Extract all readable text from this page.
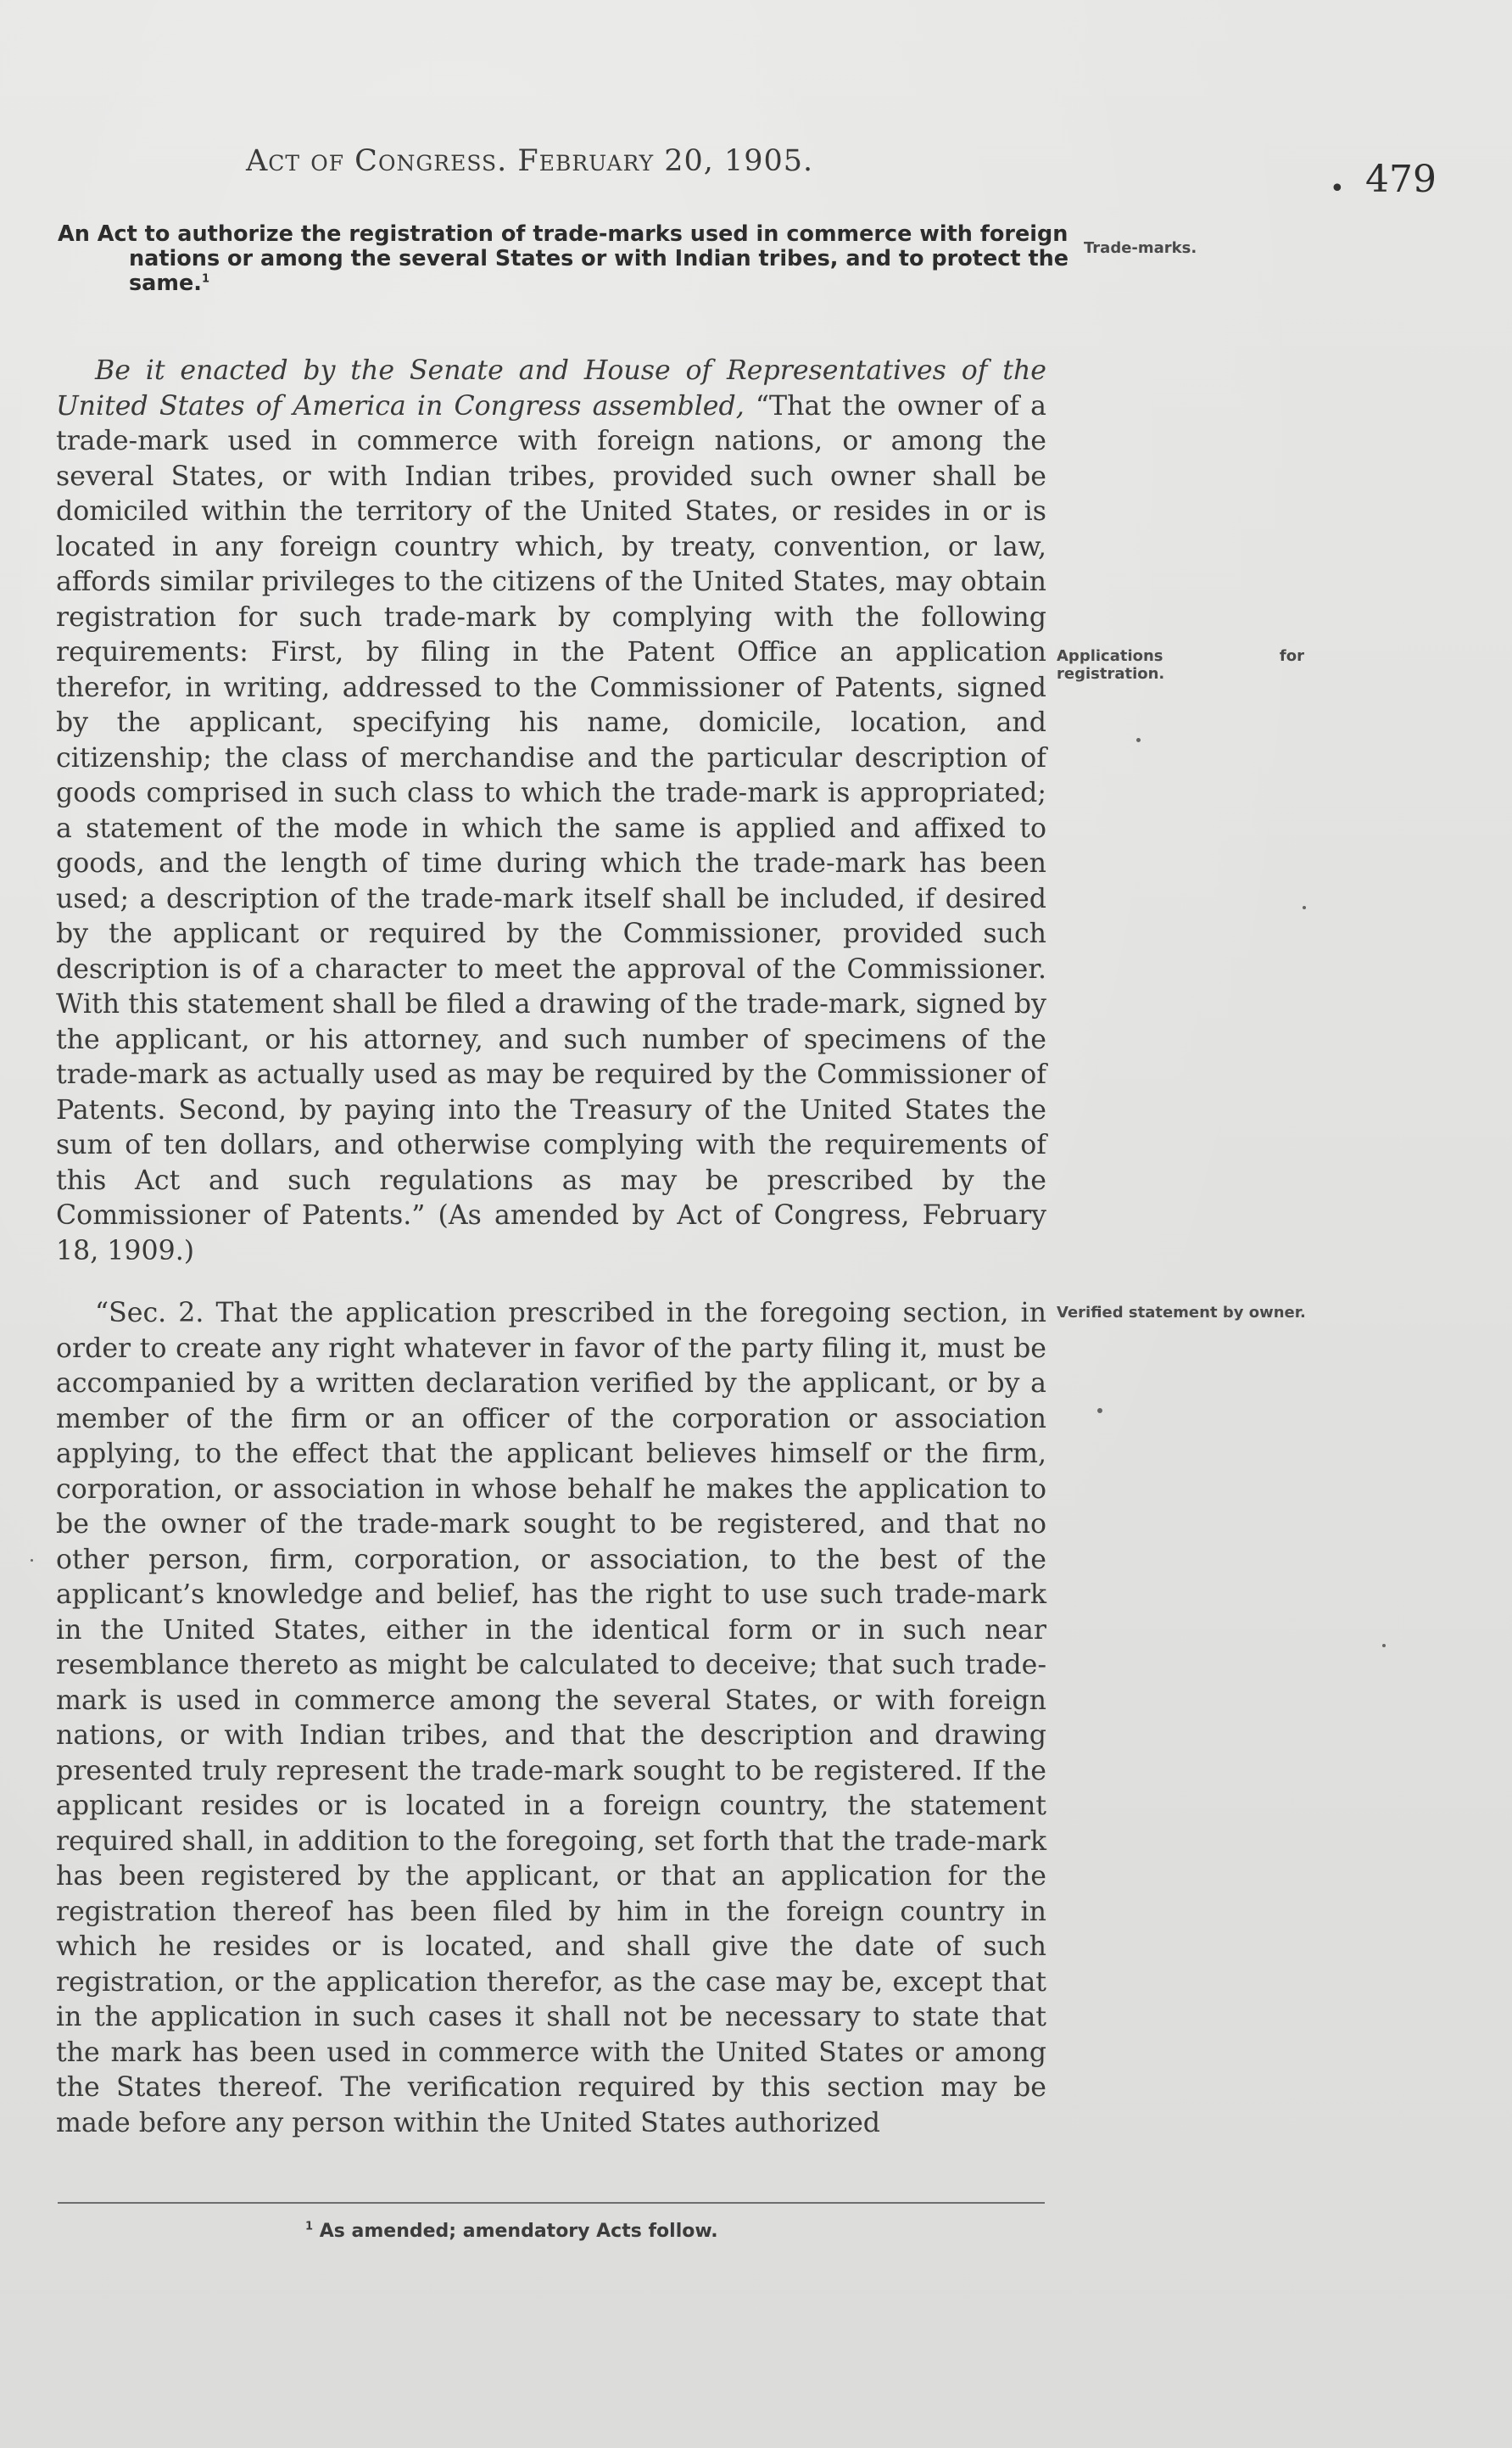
Act of Congress. February 20, 1905.
• 479
An Act to authorize the registration of trade-marks used in commerce with foreign nations or among the several States or with Indian tribes, and to protect the same.$^1$
Trade-marks.
Applications for registration.
Verified statement by owner.

Be it enacted by the Senate and House of Representatives of the United States of America in Congress assembled, “That the owner of a trade-mark used in commerce with foreign nations, or among the several States, or with Indian tribes, provided such owner shall be domiciled within the territory of the United States, or resides in or is located in any foreign country which, by treaty, convention, or law, affords similar privileges to the citizens of the United States, may obtain registration for such trade-mark by complying with the following requirements: First, by filing in the Patent Office an application therefor, in writing, addressed to the Commissioner of Patents, signed by the applicant, specifying his name, domicile, location, and citizenship; the class of merchandise and the particular description of goods comprised in such class to which the trade-mark is appropriated; a statement of the mode in which the same is applied and affixed to goods, and the length of time during which the trade-mark has been used; a description of the trade-mark itself shall be included, if desired by the applicant or required by the Commissioner, provided such description is of a character to meet the approval of the Commissioner. With this statement shall be filed a drawing of the trade-mark, signed by the applicant, or his attorney, and such number of specimens of the trade-mark as actually used as may be required by the Commissioner of Patents. Second, by paying into the Treasury of the United States the sum of ten dollars, and otherwise complying with the requirements of this Act and such regulations as may be prescribed by the Commissioner of Patents.” (As amended by Act of Congress, February 18, 1909.)

“Sec. 2. That the application prescribed in the foregoing section, in order to create any right whatever in favor of the party filing it, must be accompanied by a written declaration verified by the applicant, or by a member of the firm or an officer of the corporation or association applying, to the effect that the applicant believes himself or the firm, corporation, or association in whose behalf he makes the application to be the owner of the trade-mark sought to be registered, and that no other person, firm, corporation, or association, to the best of the applicant’s knowledge and belief, has the right to use such trade-mark in the United States, either in the identical form or in such near resemblance thereto as might be calculated to deceive; that such trade-mark is used in commerce among the several States, or with foreign nations, or with Indian tribes, and that the description and drawing presented truly represent the trade-mark sought to be registered. If the applicant resides or is located in a foreign country, the statement required shall, in addition to the foregoing, set forth that the trade-mark has been registered by the applicant, or that an application for the registration thereof has been filed by him in the foreign country in which he resides or is located, and shall give the date of such registration, or the application therefor, as the case may be, except that in the application in such cases it shall not be necessary to state that the mark has been used in commerce with the United States or among the States thereof. The verification required by this section may be made before any person within the United States authorized

$^1$ As amended; amendatory Acts follow.
